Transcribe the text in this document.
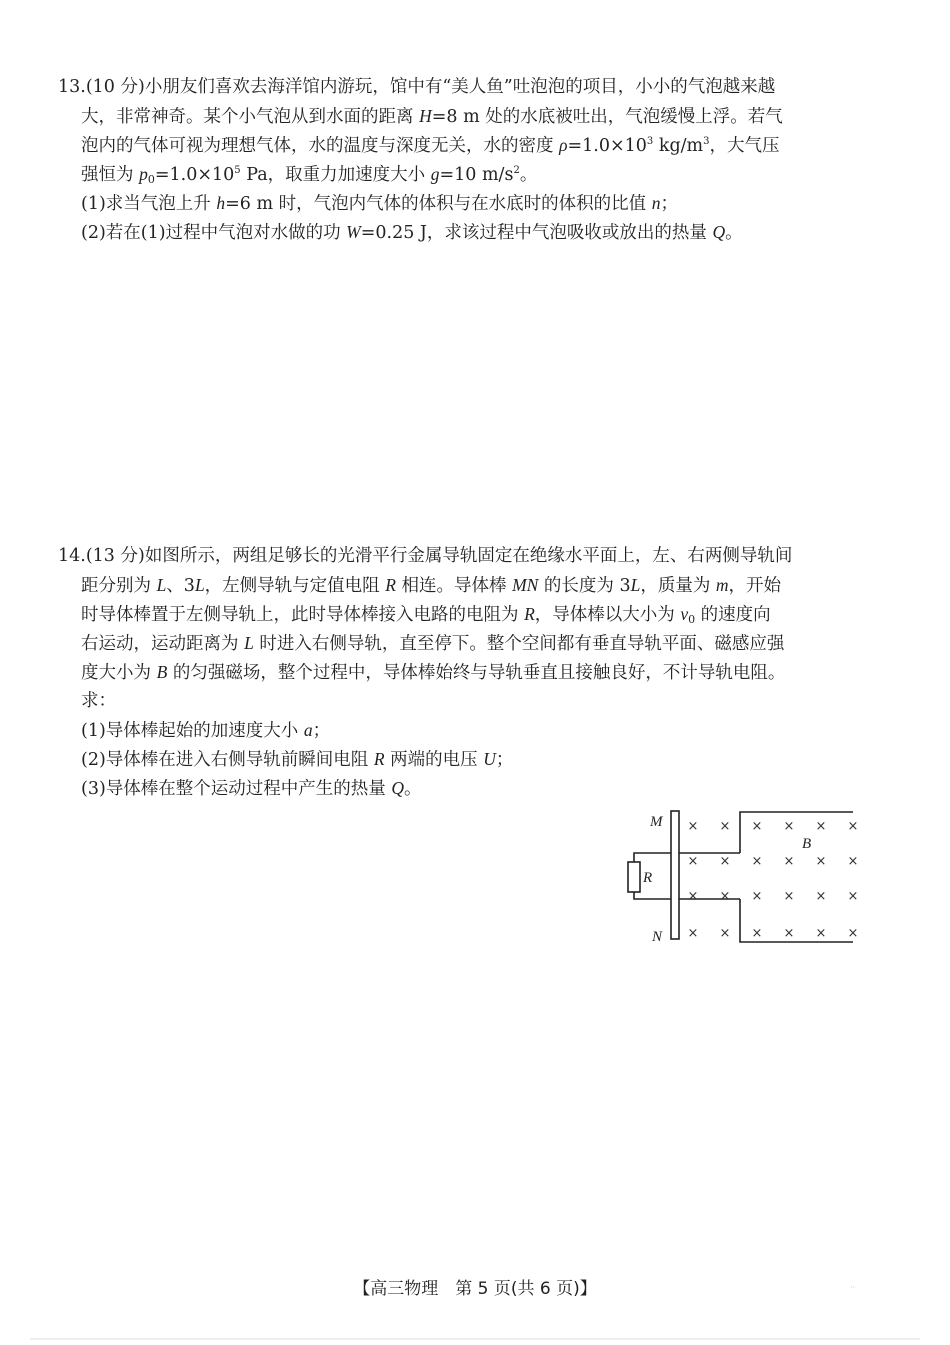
13.(10 分)小朋友们喜欢去海洋馆内游玩，馆中有“美人鱼”吐泡泡的项目，小小的气泡越来越
大，非常神奇。某个小气泡从到水面的距离 H=8 m 处的水底被吐出，气泡缓慢上浮。若气
泡内的气体可视为理想气体，水的温度与深度无关，水的密度 $\rho=1.0\times 10^3$ $kg/m^3$，大气压
强恒为 $p_0=1.0\times 10^5$ Pa，取重力加速度大小 g=10 $m/s^2$。
(1)求当气泡上升 h=6 m 时，气泡内气体的体积与在水底时的体积的比值 n；
(2)若在(1)过程中气泡对水做的功 W=0.25 J，求该过程中气泡吸收或放出的热量 Q。
14.(13 分)如图所示，两组足够长的光滑平行金属导轨固定在绝缘水平面上，左、右两侧导轨间
距分别为 L、3L，左侧导轨与定值电阻 R 相连。导体棒 MN 的长度为 3L，质量为 m，开始
时导体棒置于左侧导轨上，此时导体棒接入电路的电阻为 R，导体棒以大小为 $v_0$ 的速度向
右运动，运动距离为 L 时进入右侧导轨，直至停下。整个空间都有垂直导轨平面、磁感应强
度大小为 B 的匀强磁场，整个过程中，导体棒始终与导轨垂直且接触良好，不计导轨电阻。
求：
(1)导体棒起始的加速度大小 a；
(2)导体棒在进入右侧导轨前瞬间电阻 R 两端的电压 U；
(3)导体棒在整个运动过程中产生的热量 Q。
M
N
R
B
× × × × × ×
× × × × × ×
× × × × × ×
× × × × × ×
【高三物理　第 5 页(共 6 页)】	··
